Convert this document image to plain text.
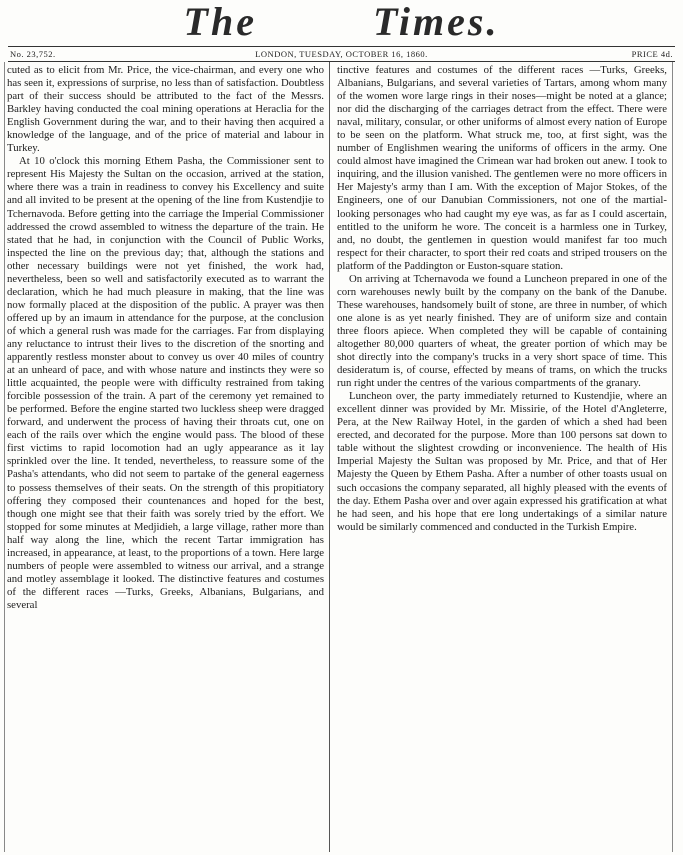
The	Times.
No. 23,752.	LONDON, TUESDAY, OCTOBER 16, 1860.	PRICE 4d.

cuted as to elicit from Mr. Price, the vice-chairman, and every one who has seen it, expressions of surprise, no less than of satisfaction. Doubtless part of their success should be attributed to the fact of the Messrs. Barkley having conducted the coal mining operations at Heraclia for the English Government during the war, and to their having then acquired a knowledge of the language, and of the price of material and labour in Turkey.

At 10 o'clock this morning Ethem Pasha, the Commissioner sent to represent His Majesty the Sultan on the occasion, arrived at the station, where there was a train in readiness to convey his Excellency and suite and all invited to be present at the opening of the line from Kustendjie to Tchernavoda. Before getting into the carriage the Imperial Commissioner addressed the crowd assembled to witness the departure of the train. He stated that he had, in conjunction with the Council of Public Works, inspected the line on the previous day; that, although the stations and other necessary buildings were not yet finished, the work had, nevertheless, been so well and satisfactorily executed as to warrant the declaration, which he had much pleasure in making, that the line was now formally placed at the disposition of the public. A prayer was then offered up by an imaum in attendance for the purpose, at the conclusion of which a general rush was made for the carriages. Far from displaying any reluctance to intrust their lives to the discretion of the snorting and apparently restless monster about to convey us over 40 miles of country at an unheard of pace, and with whose nature and instincts they were so little acquainted, the people were with difficulty restrained from taking forcible possession of the train. A part of the ceremony yet remained to be performed. Before the engine started two luckless sheep were dragged forward, and underwent the process of having their throats cut, one on each of the rails over which the engine would pass. The blood of these first victims to rapid locomotion had an ugly appearance as it lay sprinkled over the line. It tended, nevertheless, to reassure some of the Pasha's attendants, who did not seem to partake of the general eagerness to possess themselves of their seats. On the strength of this propitiatory offering they composed their countenances and hoped for the best, though one might see that their faith was sorely tried by the effort. We stopped for some minutes at Medjidieh, a large village, rather more than half way along the line, which the recent Tartar immigration has increased, in appearance, at least, to the proportions of a town. Here large numbers of people were assembled to witness our arrival, and a strange and motley assemblage it looked. The distinctive features and costumes of the different races —Turks, Greeks, Albanians, Bulgarians, and several

tinctive features and costumes of the different races —Turks, Greeks, Albanians, Bulgarians, and several varieties of Tartars, among whom many of the women wore large rings in their noses—might be noted at a glance; nor did the discharging of the carriages detract from the effect. There were naval, military, consular, or other uniforms of almost every nation of Europe to be seen on the platform. What struck me, too, at first sight, was the number of Englishmen wearing the uniforms of officers in the army. One could almost have imagined the Crimean war had broken out anew. I took to inquiring, and the illusion vanished. The gentlemen were no more officers in Her Majesty's army than I am. With the exception of Major Stokes, of the Engineers, one of our Danubian Commissioners, not one of the martial-looking personages who had caught my eye was, as far as I could ascertain, entitled to the uniform he wore. The conceit is a harmless one in Turkey, and, no doubt, the gentlemen in question would manifest far too much respect for their character, to sport their red coats and striped trousers on the platform of the Paddington or Euston-square station.

On arriving at Tchernavoda we found a Luncheon prepared in one of the corn warehouses newly built by the company on the bank of the Danube. These warehouses, handsomely built of stone, are three in number, of which one alone is as yet nearly finished. They are of uniform size and contain three floors apiece. When completed they will be capable of containing altogether 80,000 quarters of wheat, the greater portion of which may be shot directly into the company's trucks in a very short space of time. This desideratum is, of course, effected by means of trams, on which the trucks run right under the centres of the various compartments of the granary.

Luncheon over, the party immediately returned to Kustendjie, where an excellent dinner was provided by Mr. Missirie, of the Hotel d'Angleterre, Pera, at the New Railway Hotel, in the garden of which a shed had been erected, and decorated for the purpose. More than 100 persons sat down to table without the slightest crowding or inconvenience. The health of His Imperial Majesty the Sultan was proposed by Mr. Price, and that of Her Majesty the Queen by Ethem Pasha. After a number of other toasts usual on such occasions the company separated, all highly pleased with the events of the day. Ethem Pasha over and over again expressed his gratification at what he had seen, and his hope that ere long undertakings of a similar nature would be similarly commenced and conducted in the Turkish Empire.
